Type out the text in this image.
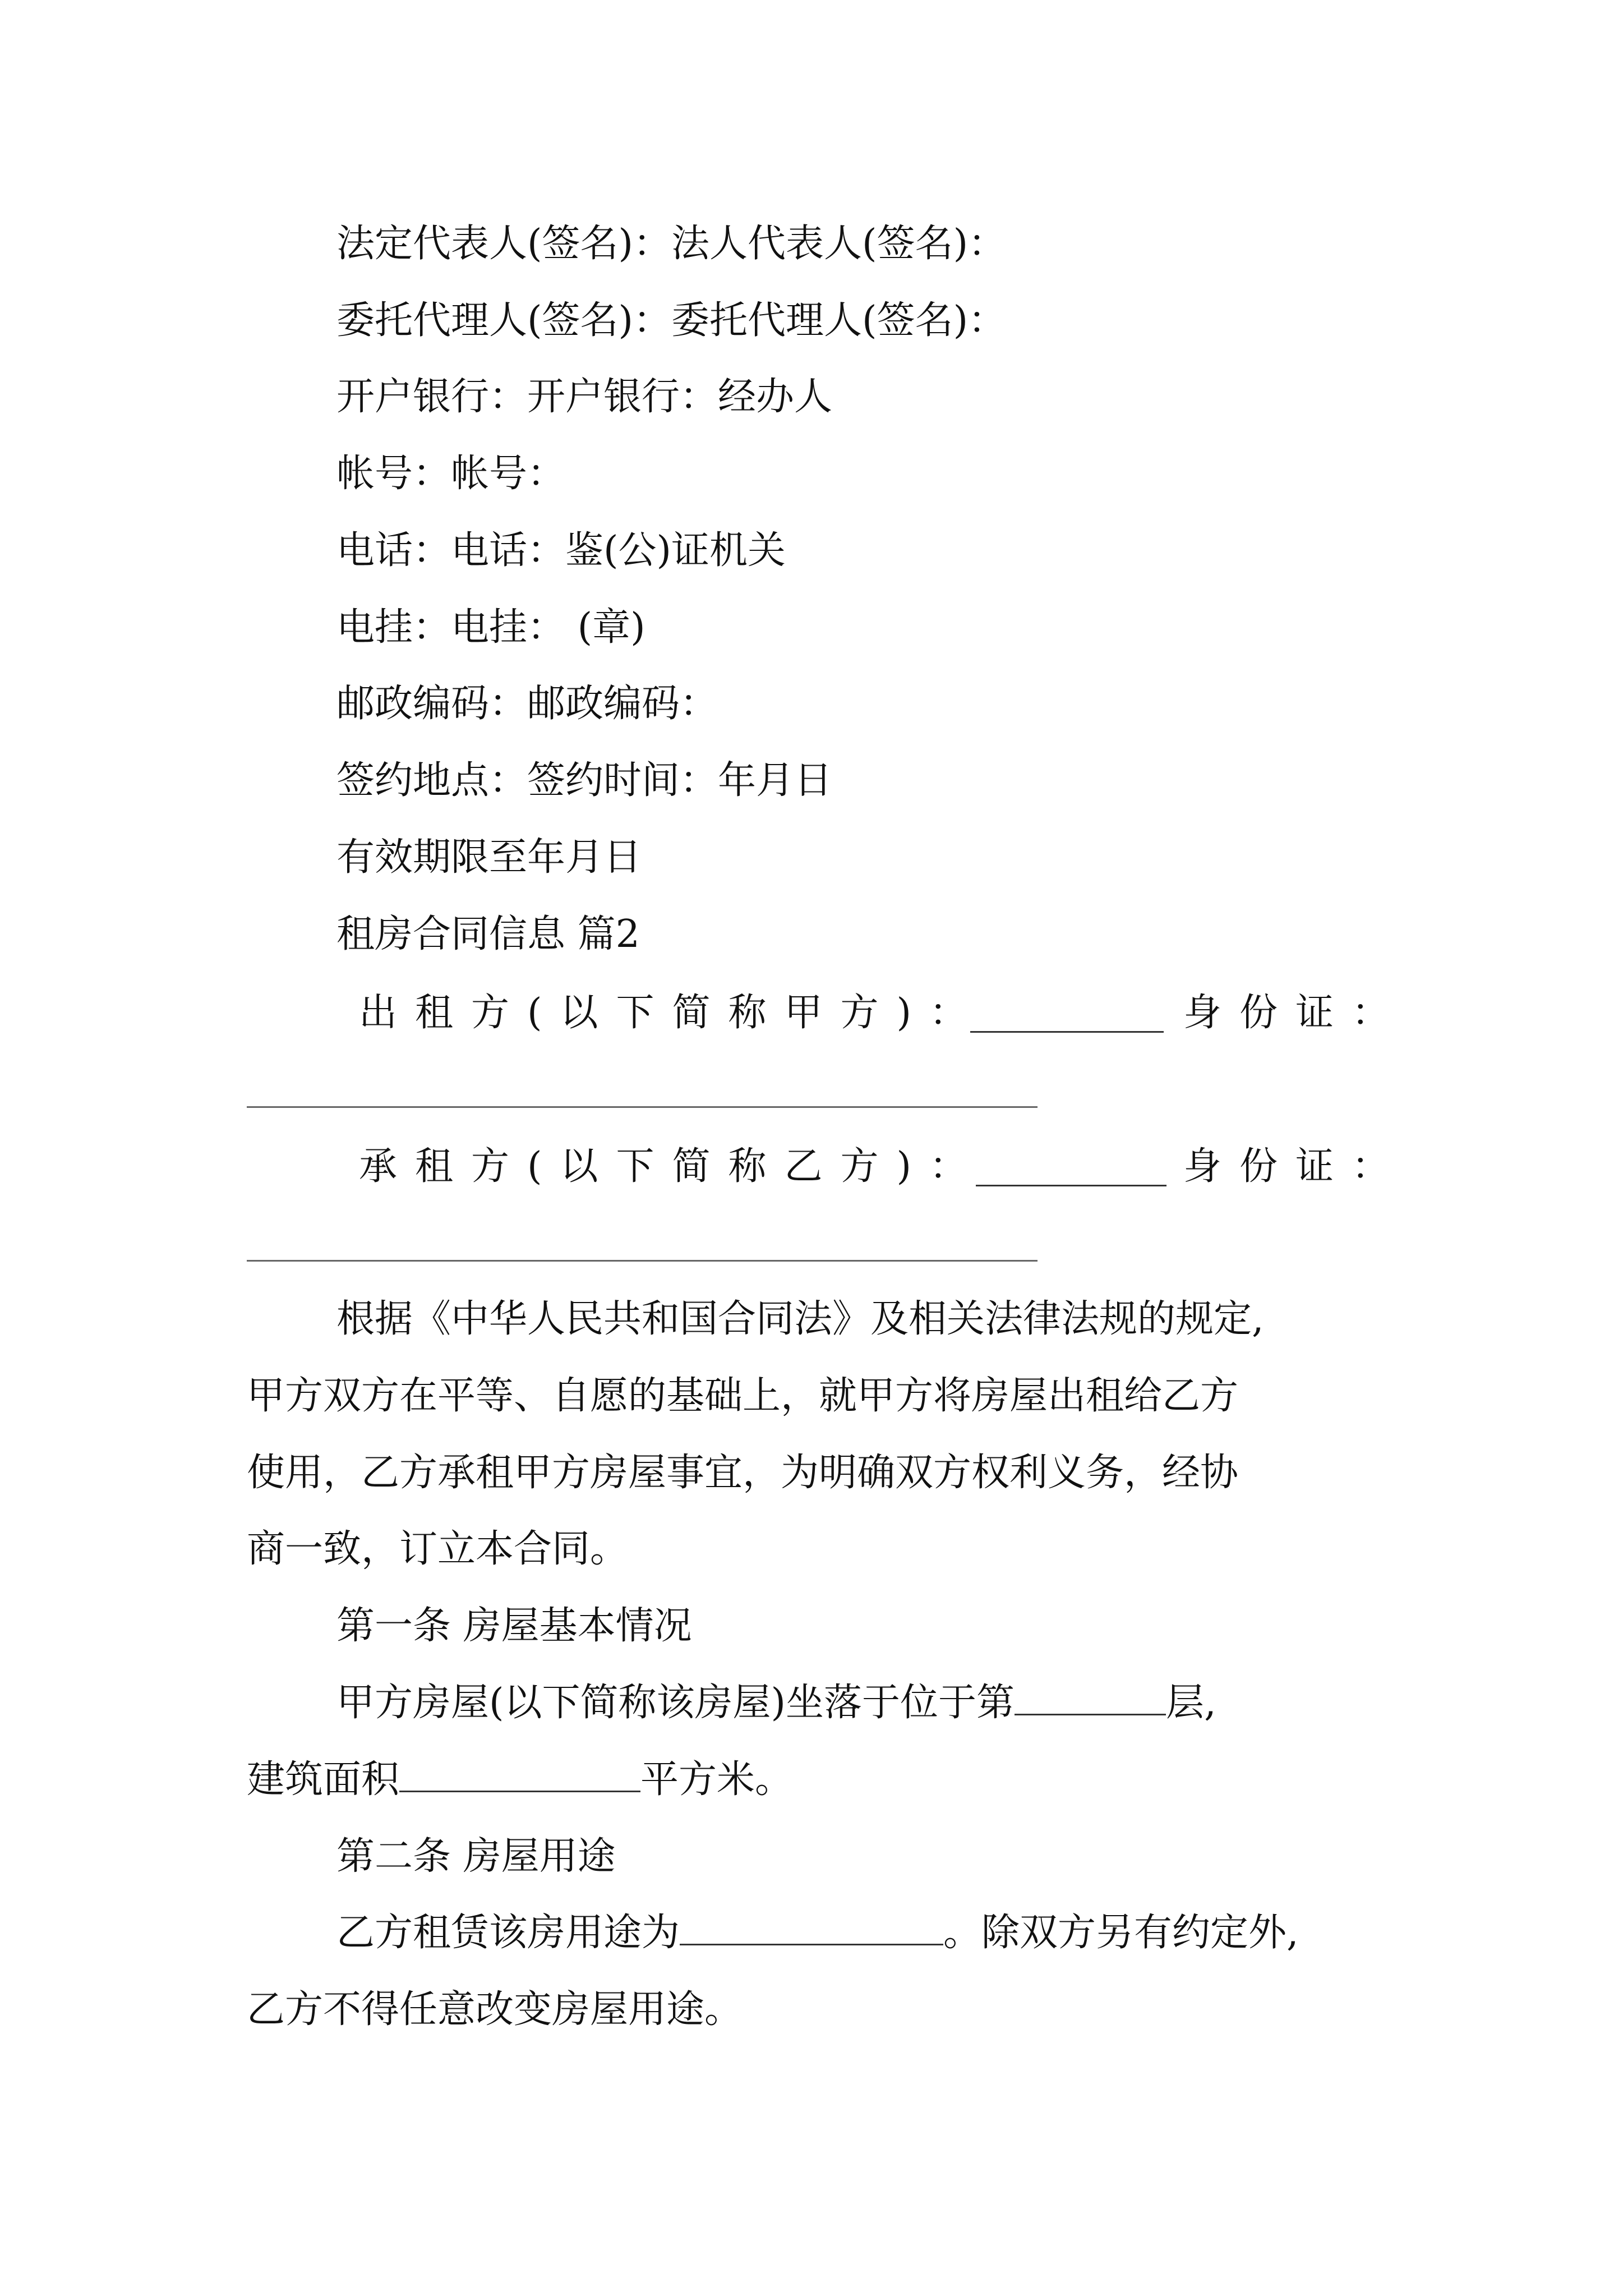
法定代表人(签名)：法人代表人(签名)：
委托代理人(签名)：委托代理人(签名)：
开户银行：开户银行：经办人
帐号：帐号：
电话：电话：鉴(公)证机关
电挂：电挂： (章)
邮政编码：邮政编码：
签约地点：签约时间：年月日
有效期限至年月日
租房合同信息 篇2
出租方(以下简称甲方)：	身份证：
承租方(以下简称乙方)：	身份证：
根据《中华人民共和国合同法》及相关法律法规的规定,
甲方双方在平等、自愿的基础上，就甲方将房屋出租给乙方
使用，乙方承租甲方房屋事宜，为明确双方权利义务，经协
商一致，订立本合同。
第一条 房屋基本情况
甲方房屋(以下简称该房屋)坐落于位于第	层,
建筑面积	平方米。
第二条 房屋用途
乙方租赁该房用途为	。除双方另有约定外,
乙方不得任意改变房屋用途。
